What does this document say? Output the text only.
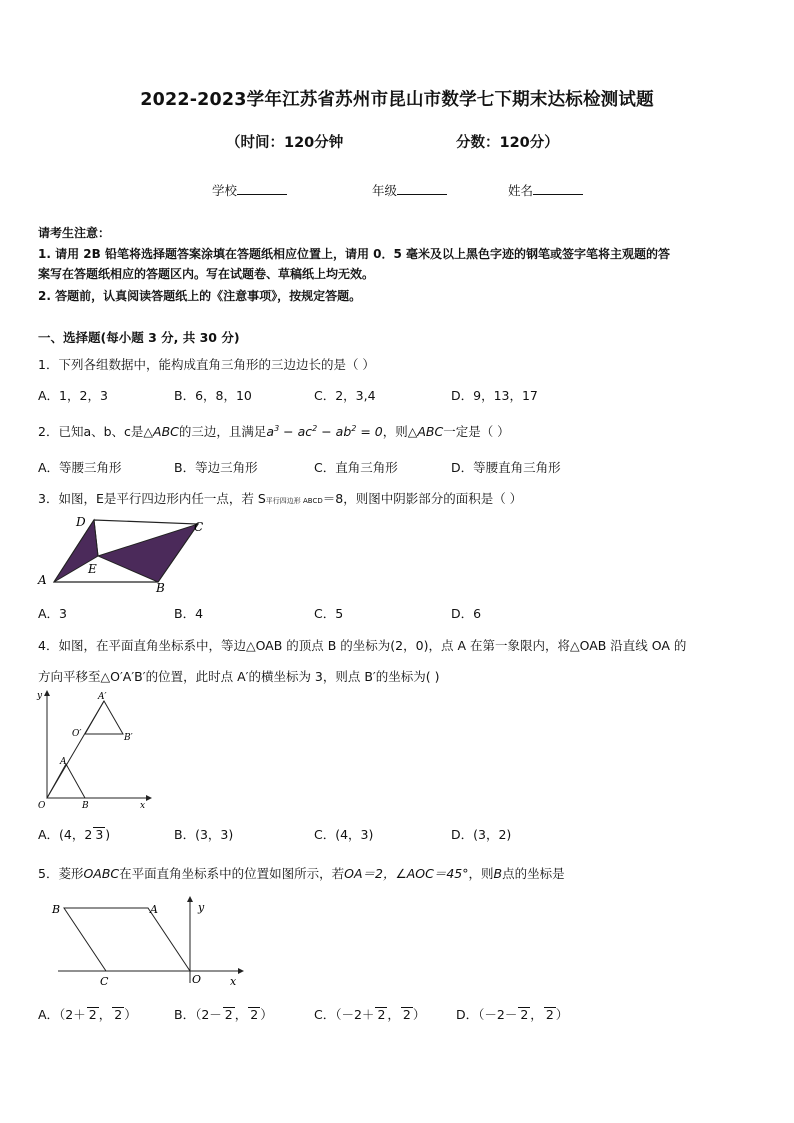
2022-2023学年江苏省苏州市昆山市数学七下期末达标检测试题
（时间：120分钟	分数：120分）
学校	年级	姓名
请考生注意：
1. 请用 2B 铅笔将选择题答案涂填在答题纸相应位置上，请用 0．5 毫米及以上黑色字迹的钢笔或签字笔将主观题的答
案写在答题纸相应的答题区内。写在试题卷、草稿纸上均无效。
2. 答题前，认真阅读答题纸上的《注意事项》，按规定答题。
一、选择题(每小题 3 分, 共 30 分)
1．下列各组数据中，能构成直角三角形的三边边长的是（ ）
A．1，2，3	B．6，8，10	C．2，3,4	D．9，13，17
2．已知a、b、c是△ABC的三边，且满足$a^3 - ac^2 - ab^2 = 0$，则△ABC一定是（ ）
A．等腰三角形	B．等边三角形	C．直角三角形	D．等腰直角三角形
3．如图，E是平行四边形内任一点，若 S平行四边形 ABCD＝8，则图中阴影部分的面积是（ ）
D	C
E
A
B
A．3	B．4	C．5	D．6
4．如图，在平面直角坐标系中，等边△OAB 的顶点 B 的坐标为(2，0)，点 A 在第一象限内，将△OAB 沿直线 OA 的
方向平移至△O′A′B′的位置，此时点 A′的横坐标为 3，则点 B′的坐标为( )
y	A′
O′	B′
A
O	B	x
A．(4，2 3 )	B．(3，3)	C．(4，3)	D．(3，2)
5．菱形OABC在平面直角坐标系中的位置如图所示，若OA＝2，∠AOC＝45°，则B点的坐标是
B	A	y
C	O	x
A．（2＋ 2 ， 2 ）	B．（2－ 2 ， 2 ）	C．（－2＋ 2 ， 2 ） D．（－2－ 2 ， 2 ）
